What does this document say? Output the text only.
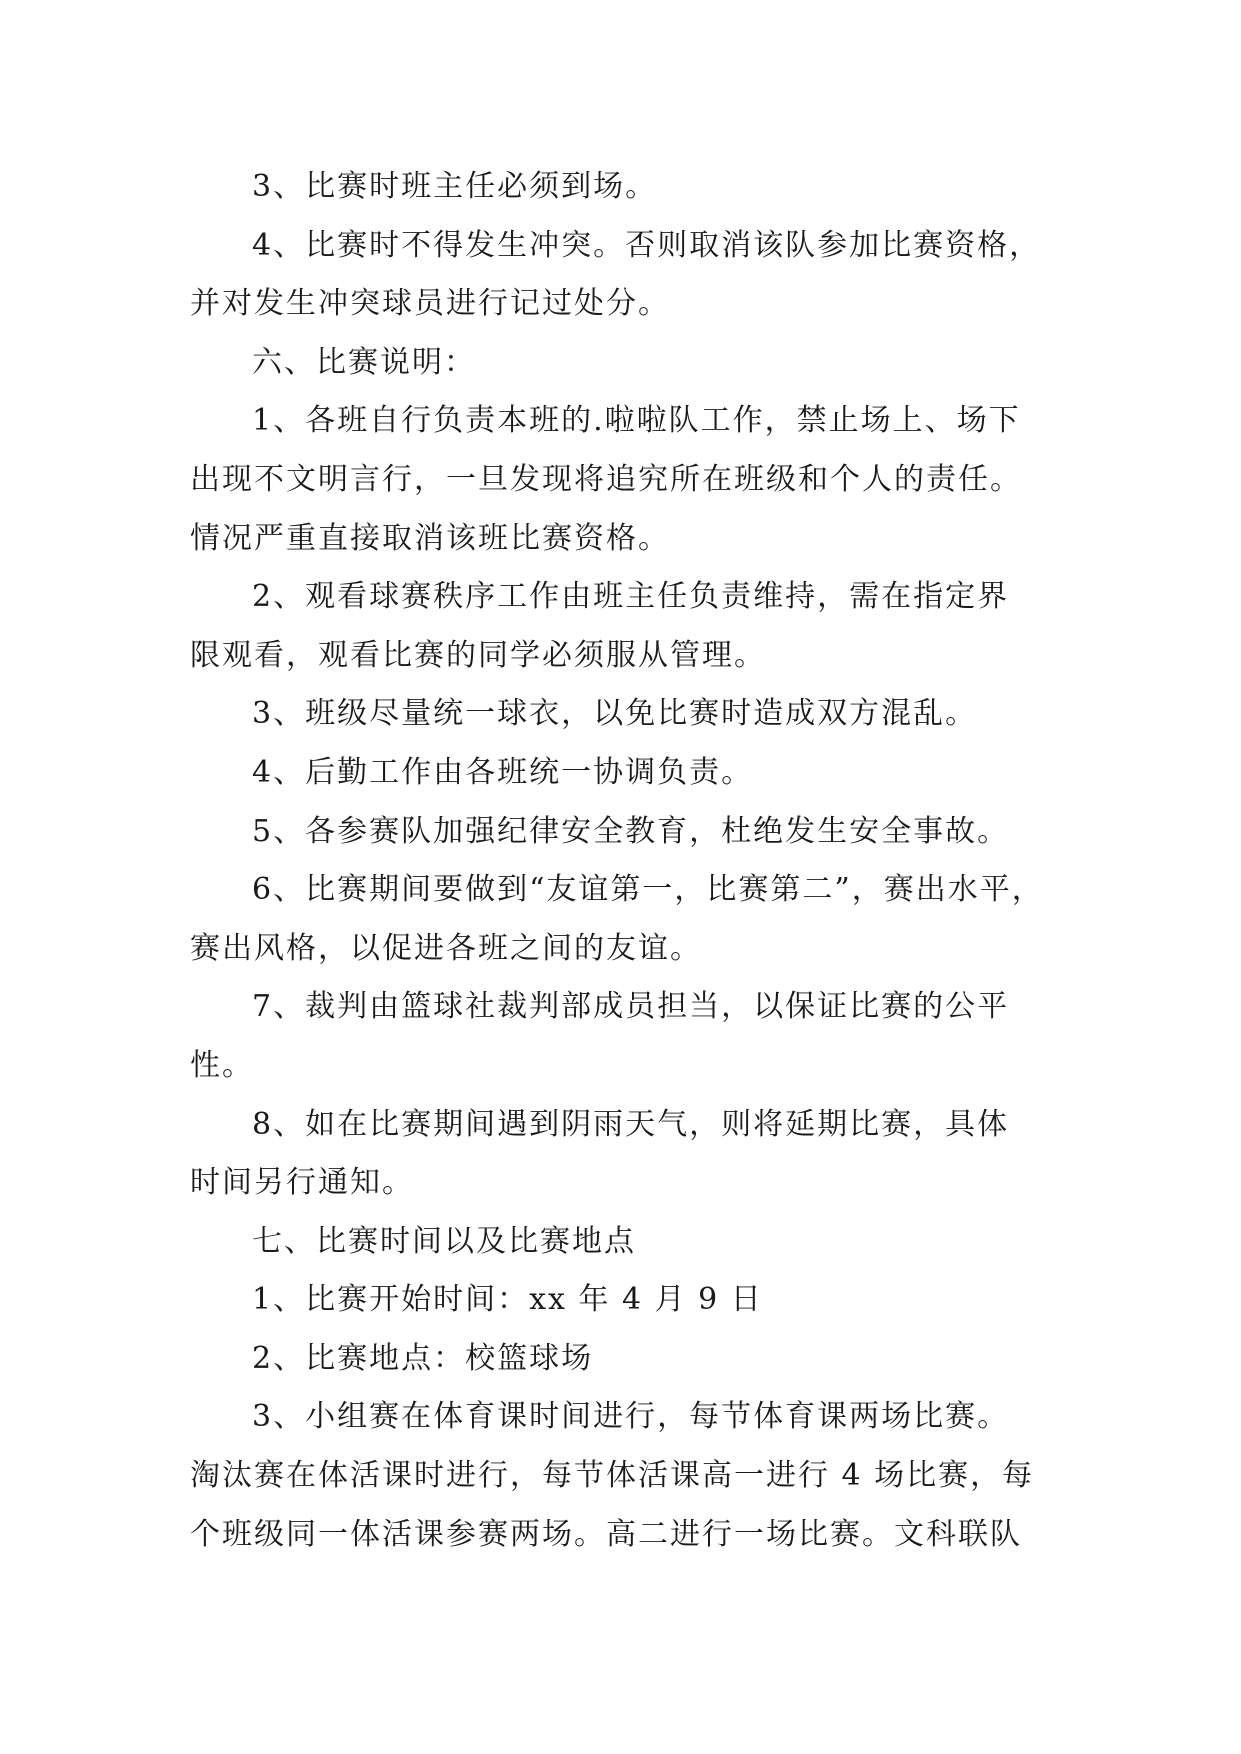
3、比赛时班主任必须到场。

4、比赛时不得发生冲突。否则取消该队参加比赛资格，
并对发生冲突球员进行记过处分。

六、比赛说明：

1、各班自行负责本班的.啦啦队工作，禁止场上、场下
出现不文明言行，一旦发现将追究所在班级和个人的责任。
情况严重直接取消该班比赛资格。

2、观看球赛秩序工作由班主任负责维持，需在指定界
限观看，观看比赛的同学必须服从管理。

3、班级尽量统一球衣，以免比赛时造成双方混乱。

4、后勤工作由各班统一协调负责。

5、各参赛队加强纪律安全教育，杜绝发生安全事故。

6、比赛期间要做到“友谊第一，比赛第二”，赛出水平，
赛出风格，以促进各班之间的友谊。

7、裁判由篮球社裁判部成员担当，以保证比赛的公平
性。

8、如在比赛期间遇到阴雨天气，则将延期比赛，具体
时间另行通知。

七、比赛时间以及比赛地点

1、比赛开始时间：xx 年 4 月 9 日

2、比赛地点：校篮球场

3、小组赛在体育课时间进行，每节体育课两场比赛。
淘汰赛在体活课时进行，每节体活课高一进行 4 场比赛，每
个班级同一体活课参赛两场。高二进行一场比赛。文科联队
